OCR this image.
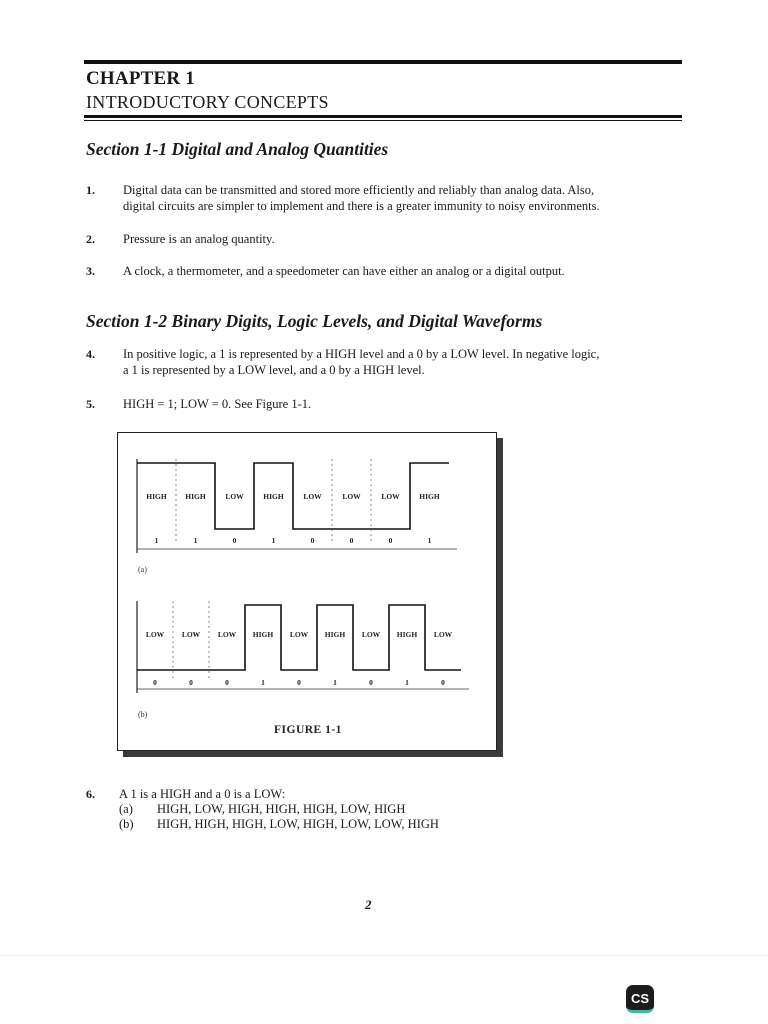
CHAPTER 1
INTRODUCTORY CONCEPTS
Section 1-1 Digital and Analog Quantities
1. Digital data can be transmitted and stored more efficiently and reliably than analog data. Also,
digital circuits are simpler to implement and there is a greater immunity to noisy environments.
2. Pressure is an analog quantity.
3. A clock, a thermometer, and a speedometer can have either an analog or a digital output.
Section 1-2 Binary Digits, Logic Levels, and Digital Waveforms
4. In positive logic, a 1 is represented by a HIGH level and a 0 by a LOW level. In negative logic,
a 1 is represented by a LOW level, and a 0 by a HIGH level.
5. HIGH = 1; LOW = 0. See Figure 1-1.
HIGH
1
HIGH
1
LOW
0
HIGH
1
LOW
0
LOW
0
LOW
0
HIGH
1
LOW
0
LOW
0
LOW
0
HIGH
1
LOW
0
HIGH
1
LOW
0
HIGH
1
LOW
0
(a)
(b)
FIGURE 1-1
6. A 1 is a HIGH and a 0 is a LOW:
(a) HIGH, LOW, HIGH, HIGH, HIGH, LOW, HIGH
(b) HIGH, HIGH, HIGH, LOW, HIGH, LOW, LOW, HIGH
2
CS
